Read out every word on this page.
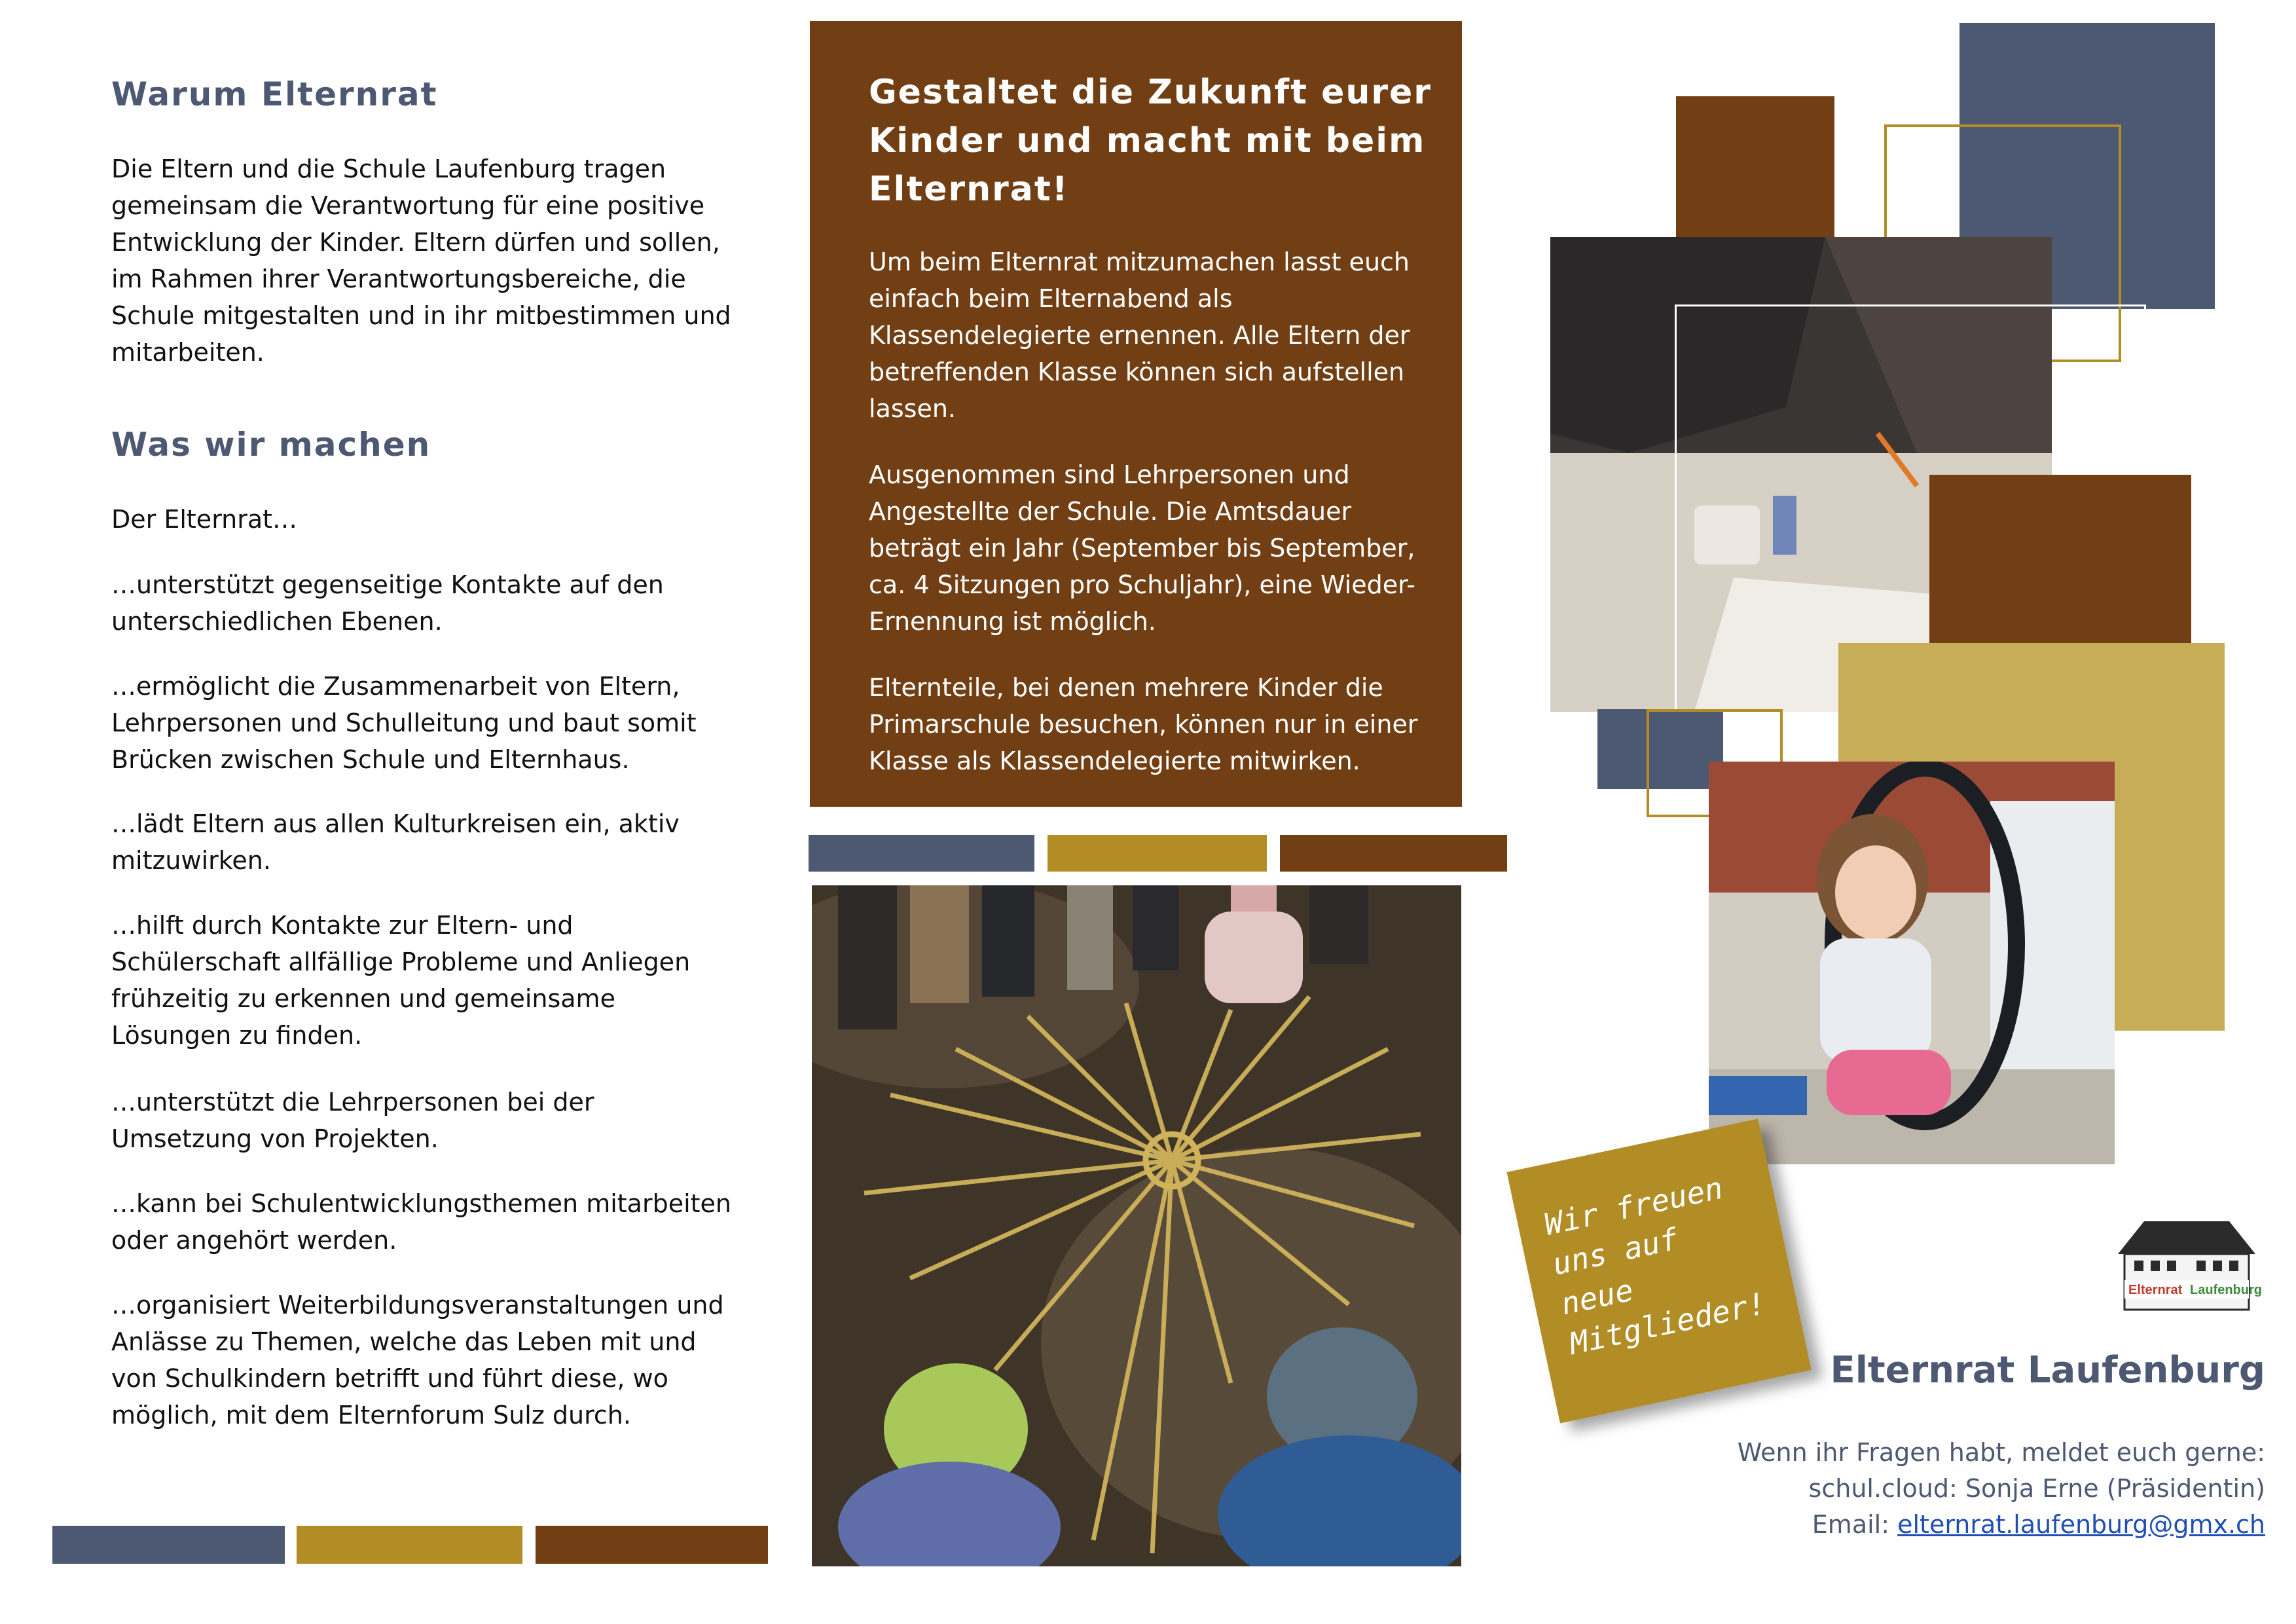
Warum Elternrat

Die Eltern und die Schule Laufenburg tragen gemeinsam die Verantwortung für eine positive Entwicklung der Kinder. Eltern dürfen und sollen, im Rahmen ihrer Verantwortungsbereiche, die Schule mitgestalten und in ihr mitbestimmen und mitarbeiten.

Was wir machen

Der Elternrat…

…unterstützt gegenseitige Kontakte auf den unterschiedlichen Ebenen.

…ermöglicht die Zusammenarbeit von Eltern, Lehrpersonen und Schulleitung und baut somit Brücken zwischen Schule und Elternhaus.

…lädt Eltern aus allen Kulturkreisen ein, aktiv mitzuwirken.

…hilft durch Kontakte zur Eltern- und Schülerschaft allfällige Probleme und Anliegen frühzeitig zu erkennen und gemeinsame Lösungen zu finden.

…unterstützt die Lehrpersonen bei der Umsetzung von Projekten.

…kann bei Schulentwicklungsthemen mitarbeiten oder angehört werden.

…organisiert Weiterbildungsveranstaltungen und Anlässe zu Themen, welche das Leben mit und von Schulkindern betrifft und führt diese, wo möglich, mit dem Elternforum Sulz durch.

Gestaltet die Zukunft eurer Kinder und macht mit beim Elternrat!

Um beim Elternrat mitzumachen lasst euch einfach beim Elternabend als Klassendelegierte ernennen. Alle Eltern der betreffenden Klasse können sich aufstellen lassen.

Ausgenommen sind Lehrpersonen und Angestellte der Schule. Die Amtsdauer beträgt ein Jahr (September bis September, ca. 4 Sitzungen pro Schuljahr), eine Wieder-Ernennung ist möglich.

Elternteile, bei denen mehrere Kinder die Primarschule besuchen, können nur in einer Klasse als Klassendelegierte mitwirken.

Wir freuen
uns auf
neue
Mitglieder!	Elternrat Laufenburg
Elternrat Laufenburg

Wenn ihr Fragen habt, meldet euch gerne:

schul.cloud: Sonja Erne (Präsidentin)

Email: elternrat.laufenburg@gmx.ch
